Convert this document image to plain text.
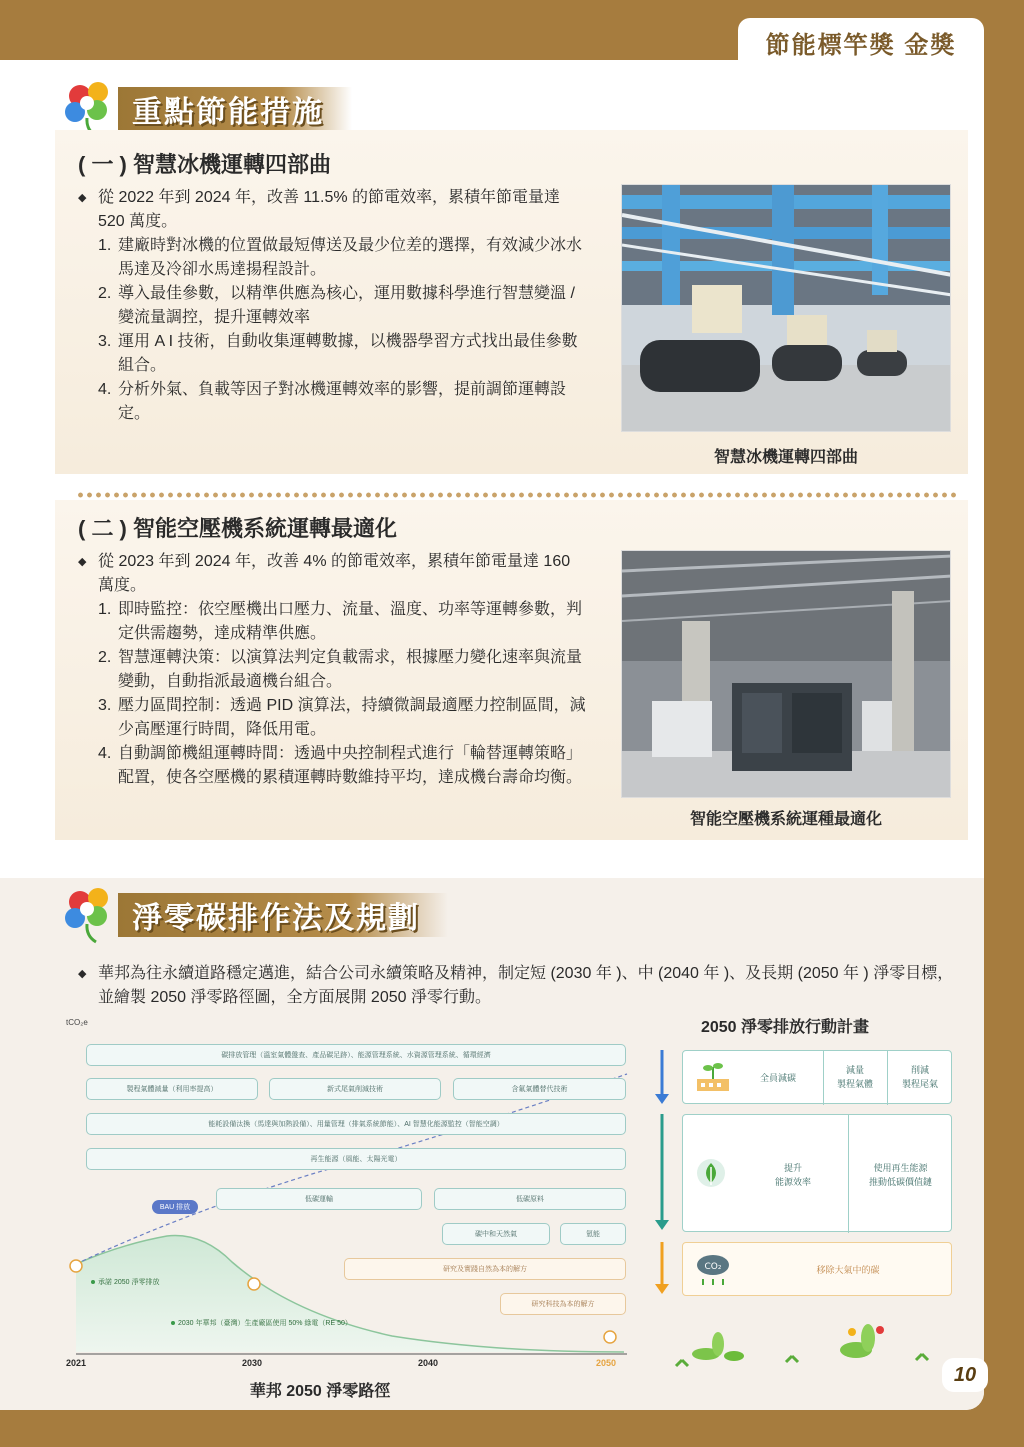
節能標竿獎 金獎
重點節能措施
( 一 ) 智慧冰機運轉四部曲
◆ 從 2022 年到 2024 年，改善 11.5% 的節電效率，累積年節電量達 520 萬度。
1. 建廠時對冰機的位置做最短傳送及最少位差的選擇，有效減少冰水馬達及冷卻水馬達揚程設計。
2. 導入最佳參數，以精準供應為核心，運用數據科學進行智慧變溫 / 變流量調控，提升運轉效率
3. 運用 A I 技術，自動收集運轉數據，以機器學習方式找出最佳參數組合。
4. 分析外氣、負載等因子對冰機運轉效率的影響，提前調節運轉設定。
智慧冰機運轉四部曲
( 二 ) 智能空壓機系統運轉最適化
◆ 從 2023 年到 2024 年，改善 4% 的節電效率，累積年節電量達 160 萬度。
1. 即時監控：依空壓機出口壓力、流量、溫度、功率等運轉參數，判定供需趨勢，達成精準供應。
2. 智慧運轉決策：以演算法判定負載需求，根據壓力變化速率與流量變動，自動指派最適機台組合。
3. 壓力區間控制：透過 PID 演算法，持續微調最適壓力控制區間，減少高壓運行時間，降低用電。
4. 自動調節機組運轉時間：透過中央控制程式進行「輪替運轉策略」配置，使各空壓機的累積運轉時數維持平均，達成機台壽命均衡。
智能空壓機系統運種最適化
淨零碳排作法及規劃
◆ 華邦為往永續道路穩定邁進，結合公司永續策略及精神，制定短 (2030 年 )、中 (2040 年 )、及長期 (2050 年 ) 淨零目標，並繪製 2050 淨零路徑圖，全方面展開 2050 淨零行動。
tCO₂e
2021	2030	2040	2050
BAU 排放
承諾 2050 淨零排放
2030 年華邦（臺灣）生產廠區使用 50% 綠電（RE 50）
碳排放管理（溫室氣體盤查、產品碳足跡）、能源管理系統、水資源管理系統、循環經濟
製程氣體減量（利用率提高）	新式尾氣削減技術	含氟氣體替代技術
能耗設備汰換（馬達與加熱設備）、用量管理（排氣系統節能）、AI 智慧化能源監控（智能空調）
再生能源（風能、太陽光電）
低碳運輸	低碳原料
碳中和天然氣	氫能
研究及實踐自然為本的解方
研究科技為本的解方
華邦 2050 淨零路徑
2050 淨零排放行動計畫
全員減碳
減量
製程氣體
削減
製程尾氣
提升
能源效率
使用再生能源
推動低碳價值鏈
CO₂	移除大氣中的碳
10
